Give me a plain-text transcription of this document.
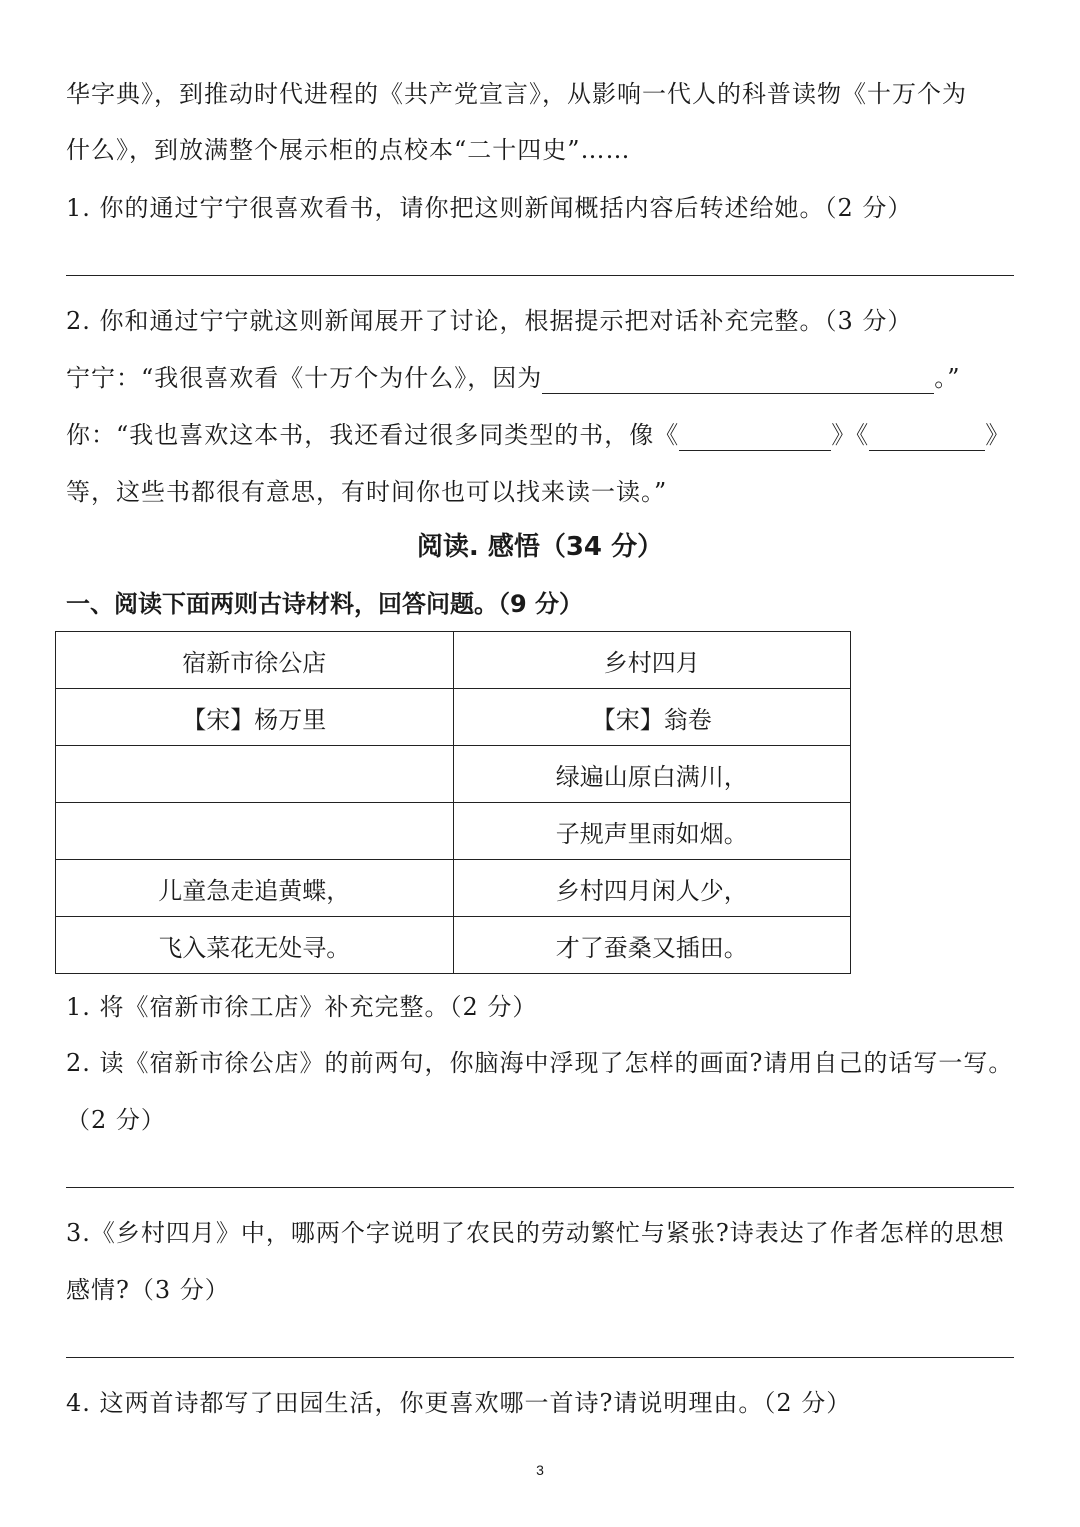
华字典》，到推动时代进程的《共产党宣言》，从影响一代人的科普读物《十万个为
什么》，到放满整个展示柜的点校本“二十四史”……
1. 你的通过宁宁很喜欢看书，请你把这则新闻概括内容后转述给她。（2 分）
2. 你和通过宁宁就这则新闻展开了讨论，根据提示把对话补充完整。（3 分）
宁宁：“我很喜欢看《十万个为什么》，因为	。”
你：“我也喜欢这本书，我还看过很多同类型的书，像《	》《	》
等，这些书都很有意思，有时间你也可以找来读一读。”
阅读. 感悟（34 分）
一、阅读下面两则古诗材料，回答问题。（9 分）
宿新市徐公店	乡村四月
【宋】杨万里	【宋】翁卷
	绿遍山原白满川，
	子规声里雨如烟。
儿童急走追黄蝶，	乡村四月闲人少，
飞入菜花无处寻。	才了蚕桑又插田。
1. 将《宿新市徐工店》补充完整。（2 分）
2. 读《宿新市徐公店》的前两句，你脑海中浮现了怎样的画面?请用自己的话写一写。
（2 分）
3.《乡村四月》中，哪两个字说明了农民的劳动繁忙与紧张?诗表达了作者怎样的思想
感情?（3 分）
4. 这两首诗都写了田园生活，你更喜欢哪一首诗?请说明理由。（2 分）
3
